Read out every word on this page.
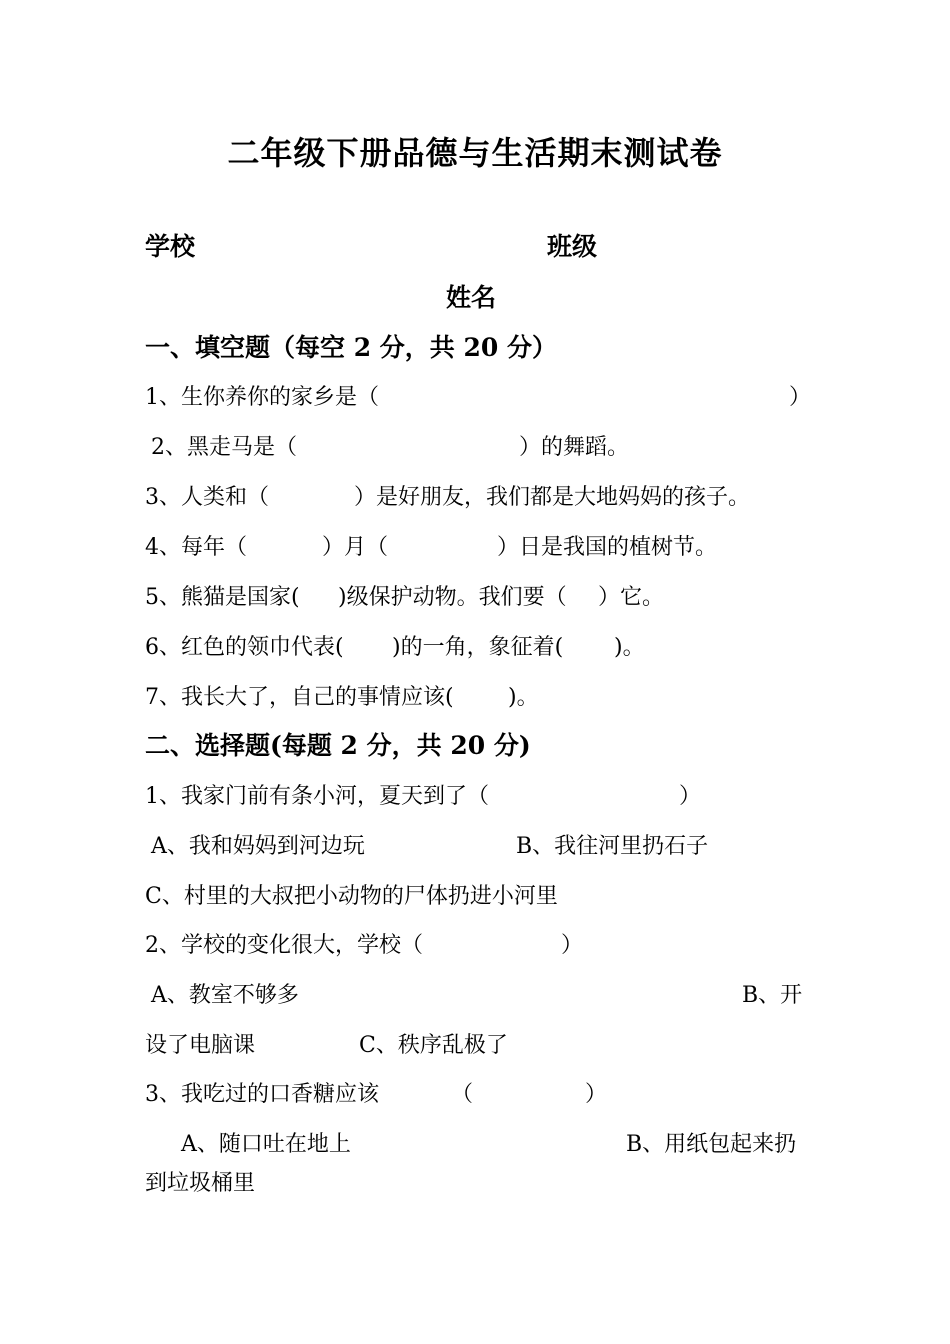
二年级下册品德与生活期末测试卷
学校	班级
姓名
一、填空题（每空 2 分，共 20 分）
1、生你养你的家乡是（	）
2、黑走马是（	）的舞蹈。
3、人类和（	）是好朋友，我们都是大地妈妈的孩子。
4、每年（	）月（	）日是我国的植树节。
5、熊猫是国家( )级保护动物。我们要（ ）它。
6、红色的领巾代表( )的一角，象征着( )。
7、我长大了，自己的事情应该( )。
二、选择题(每题 2 分，共 20 分)
1、我家门前有条小河，夏天到了（	）
A、我和妈妈到河边玩	B、我往河里扔石子
C、村里的大叔把小动物的尸体扔进小河里
2、学校的变化很大，学校（	）
A、教室不够多	B、开
设了电脑课	C、秩序乱极了
3、我吃过的口香糖应该	（	）
A、随口吐在地上	B、用纸包起来扔
到垃圾桶里
